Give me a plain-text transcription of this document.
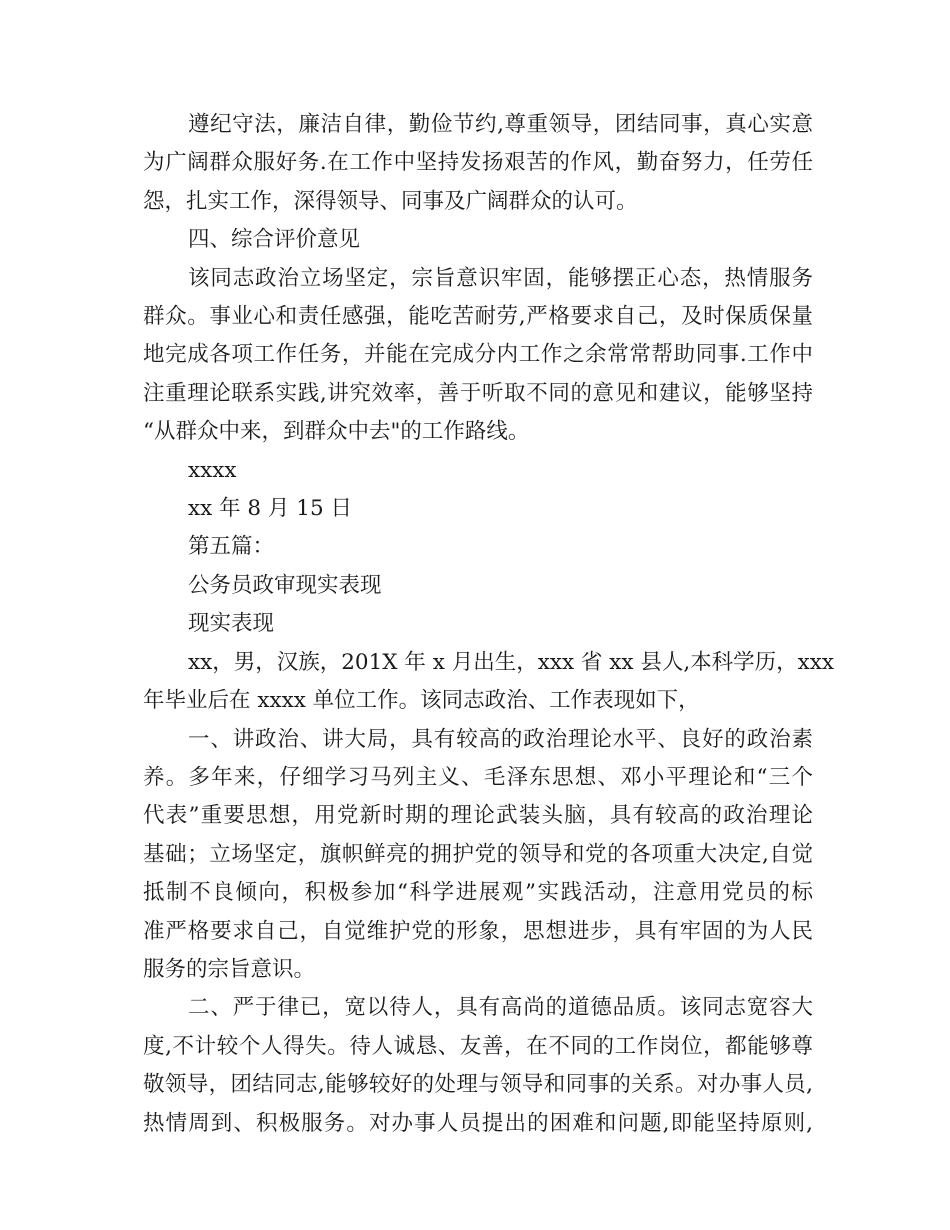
遵纪守法，廉洁自律，勤俭节约,尊重领导，团结同事，真心实意
为广阔群众服好务.在工作中坚持发扬艰苦的作风，勤奋努力，任劳任
怨，扎实工作，深得领导、同事及广阔群众的认可。
四、综合评价意见
该同志政治立场坚定，宗旨意识牢固，能够摆正心态，热情服务
群众。事业心和责任感强，能吃苦耐劳,严格要求自己，及时保质保量
地完成各项工作任务，并能在完成分内工作之余常常帮助同事.工作中
注重理论联系实践,讲究效率，善于听取不同的意见和建议，能够坚持
“从群众中来，到群众中去"的工作路线。
xxxx
xx 年 8 月 15 日
第五篇：
公务员政审现实表现
现实表现
xx，男，汉族，201X 年 x 月出生，xxx 省 xx 县人,本科学历，xxx
年毕业后在 xxxx 单位工作。该同志政治、工作表现如下，
一、讲政治、讲大局，具有较高的政治理论水平、良好的政治素
养。多年来，仔细学习马列主义、毛泽东思想、邓小平理论和“三个
代表”重要思想，用党新时期的理论武装头脑，具有较高的政治理论
基础；立场坚定，旗帜鲜亮的拥护党的领导和党的各项重大决定,自觉
抵制不良倾向，积极参加“科学进展观”实践活动，注意用党员的标
准严格要求自己，自觉维护党的形象，思想进步，具有牢固的为人民
服务的宗旨意识。
二、严于律已，宽以待人，具有高尚的道德品质。该同志宽容大
度,不计较个人得失。待人诚恳、友善，在不同的工作岗位，都能够尊
敬领导，团结同志,能够较好的处理与领导和同事的关系。对办事人员,
热情周到、积极服务。对办事人员提出的困难和问题,即能坚持原则,
